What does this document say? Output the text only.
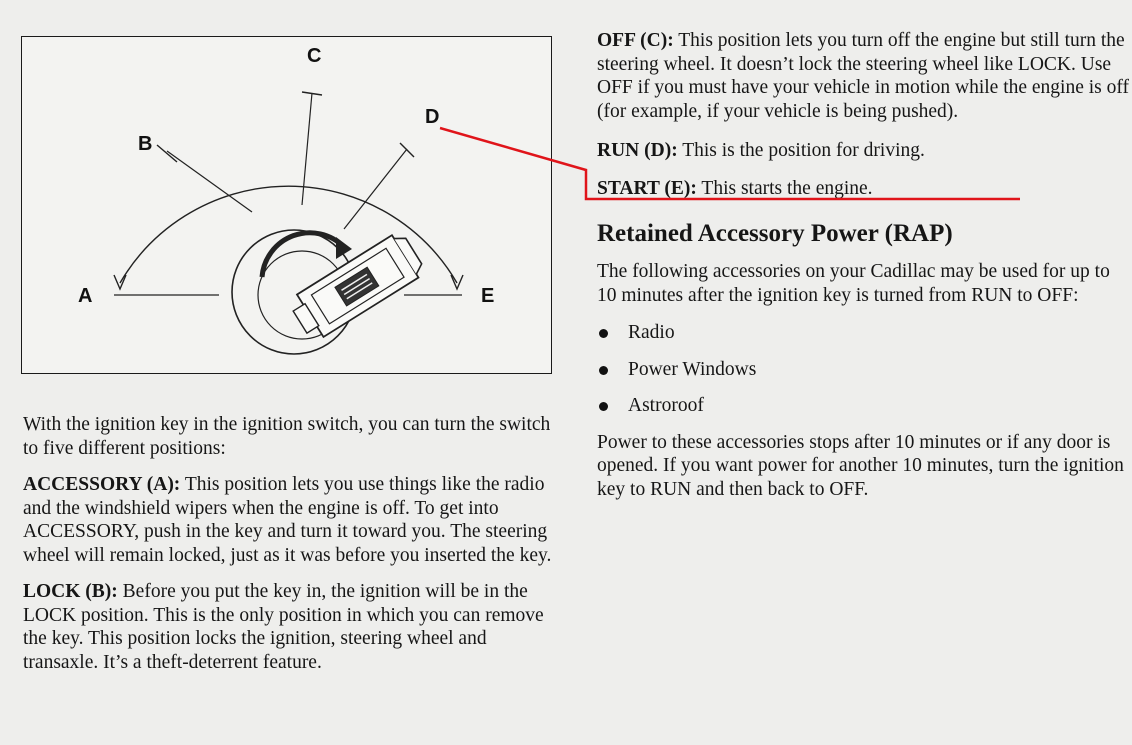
A
B
C
D
E

With the ignition key in the ignition switch, you can turn the switch to five different positions:

ACCESSORY (A): This position lets you use things like the radio and the windshield wipers when the engine is off. To get into ACCESSORY, push in the key and turn it toward you. The steering wheel will remain locked, just as it was before you inserted the key.

LOCK (B): Before you put the key in, the ignition will be in the LOCK position. This is the only position in which you can remove the key. This position locks the ignition, steering wheel and transaxle. It’s a theft-deterrent feature.

OFF (C): This position lets you turn off the engine but still turn the steering wheel. It doesn’t lock the steering wheel like LOCK. Use OFF if you must have your vehicle in motion while the engine is off (for example, if your vehicle is being pushed).

RUN (D): This is the position for driving.

START (E): This starts the engine.

Retained Accessory Power (RAP)

The following accessories on your Cadillac may be used for up to 10 minutes after the ignition key is turned from RUN to OFF:

Radio
Power Windows
Astroroof

Power to these accessories stops after 10 minutes or if any door is opened. If you want power for another 10 minutes, turn the ignition key to RUN and then back to OFF.
